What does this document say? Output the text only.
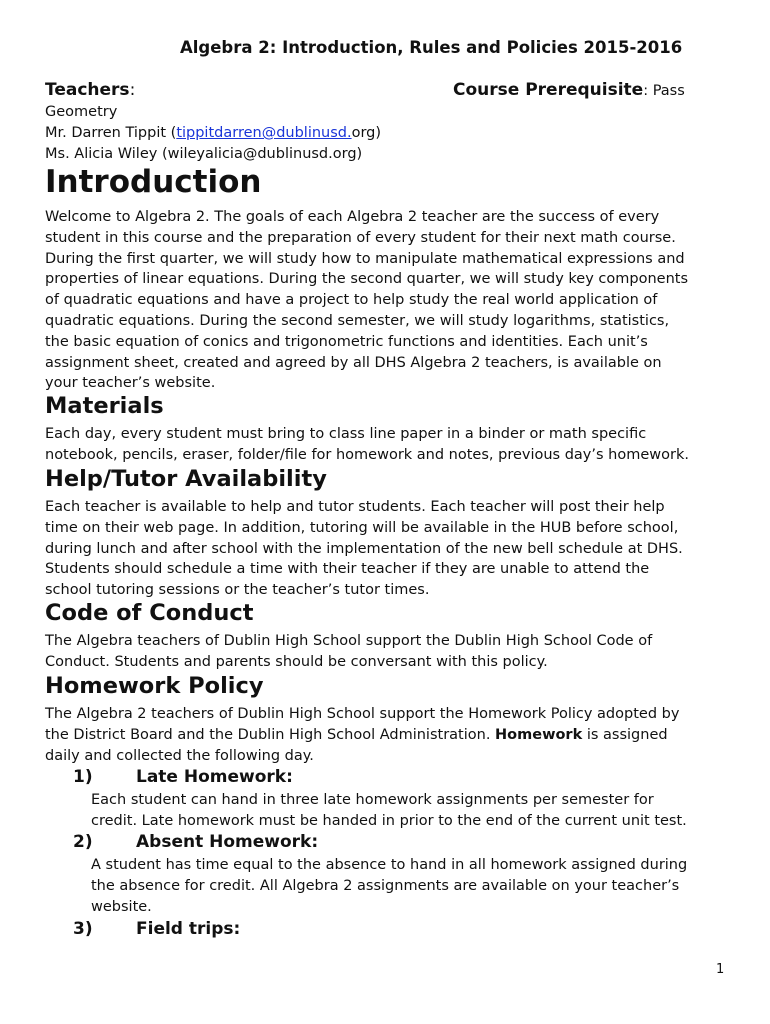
Algebra 2: Introduction, Rules and Policies 2015-2016
Teachers:	Course Prerequisite: Pass
Geometry
Mr. Darren Tippit (tippitdarren@dublinusd.org)
Ms. Alicia Wiley (wileyalicia@dublinusd.org)
Introduction

Welcome to Algebra 2. The goals of each Algebra 2 teacher are the success of every

student in this course and the preparation of every student for their next math course.

During the first quarter, we will study how to manipulate mathematical expressions and

properties of linear equations. During the second quarter, we will study key components

of quadratic equations and have a project to help study the real world application of

quadratic equations. During the second semester, we will study logarithms, statistics,

the basic equation of conics and trigonometric functions and identities. Each unit’s

assignment sheet, created and agreed by all DHS Algebra 2 teachers, is available on

your teacher’s website.

Materials

Each day, every student must bring to class line paper in a binder or math specific

notebook, pencils, eraser, folder/file for homework and notes, previous day’s homework.

Help/Tutor Availability

Each teacher is available to help and tutor students. Each teacher will post their help

time on their web page. In addition, tutoring will be available in the HUB before school,

during lunch and after school with the implementation of the new bell schedule at DHS.

Students should schedule a time with their teacher if they are unable to attend the

school tutoring sessions or the teacher’s tutor times.

Code of Conduct

The Algebra teachers of Dublin High School support the Dublin High School Code of

Conduct. Students and parents should be conversant with this policy.

Homework Policy

The Algebra 2 teachers of Dublin High School support the Homework Policy adopted by

the District Board and the Dublin High School Administration. Homework is assigned

daily and collected the following day.

1)	Late Homework:

Each student can hand in three late homework assignments per semester for

credit. Late homework must be handed in prior to the end of the current unit test.

2)	Absent Homework:

A student has time equal to the absence to hand in all homework assigned during

the absence for credit. All Algebra 2 assignments are available on your teacher’s

website.

3)	Field trips:
1
